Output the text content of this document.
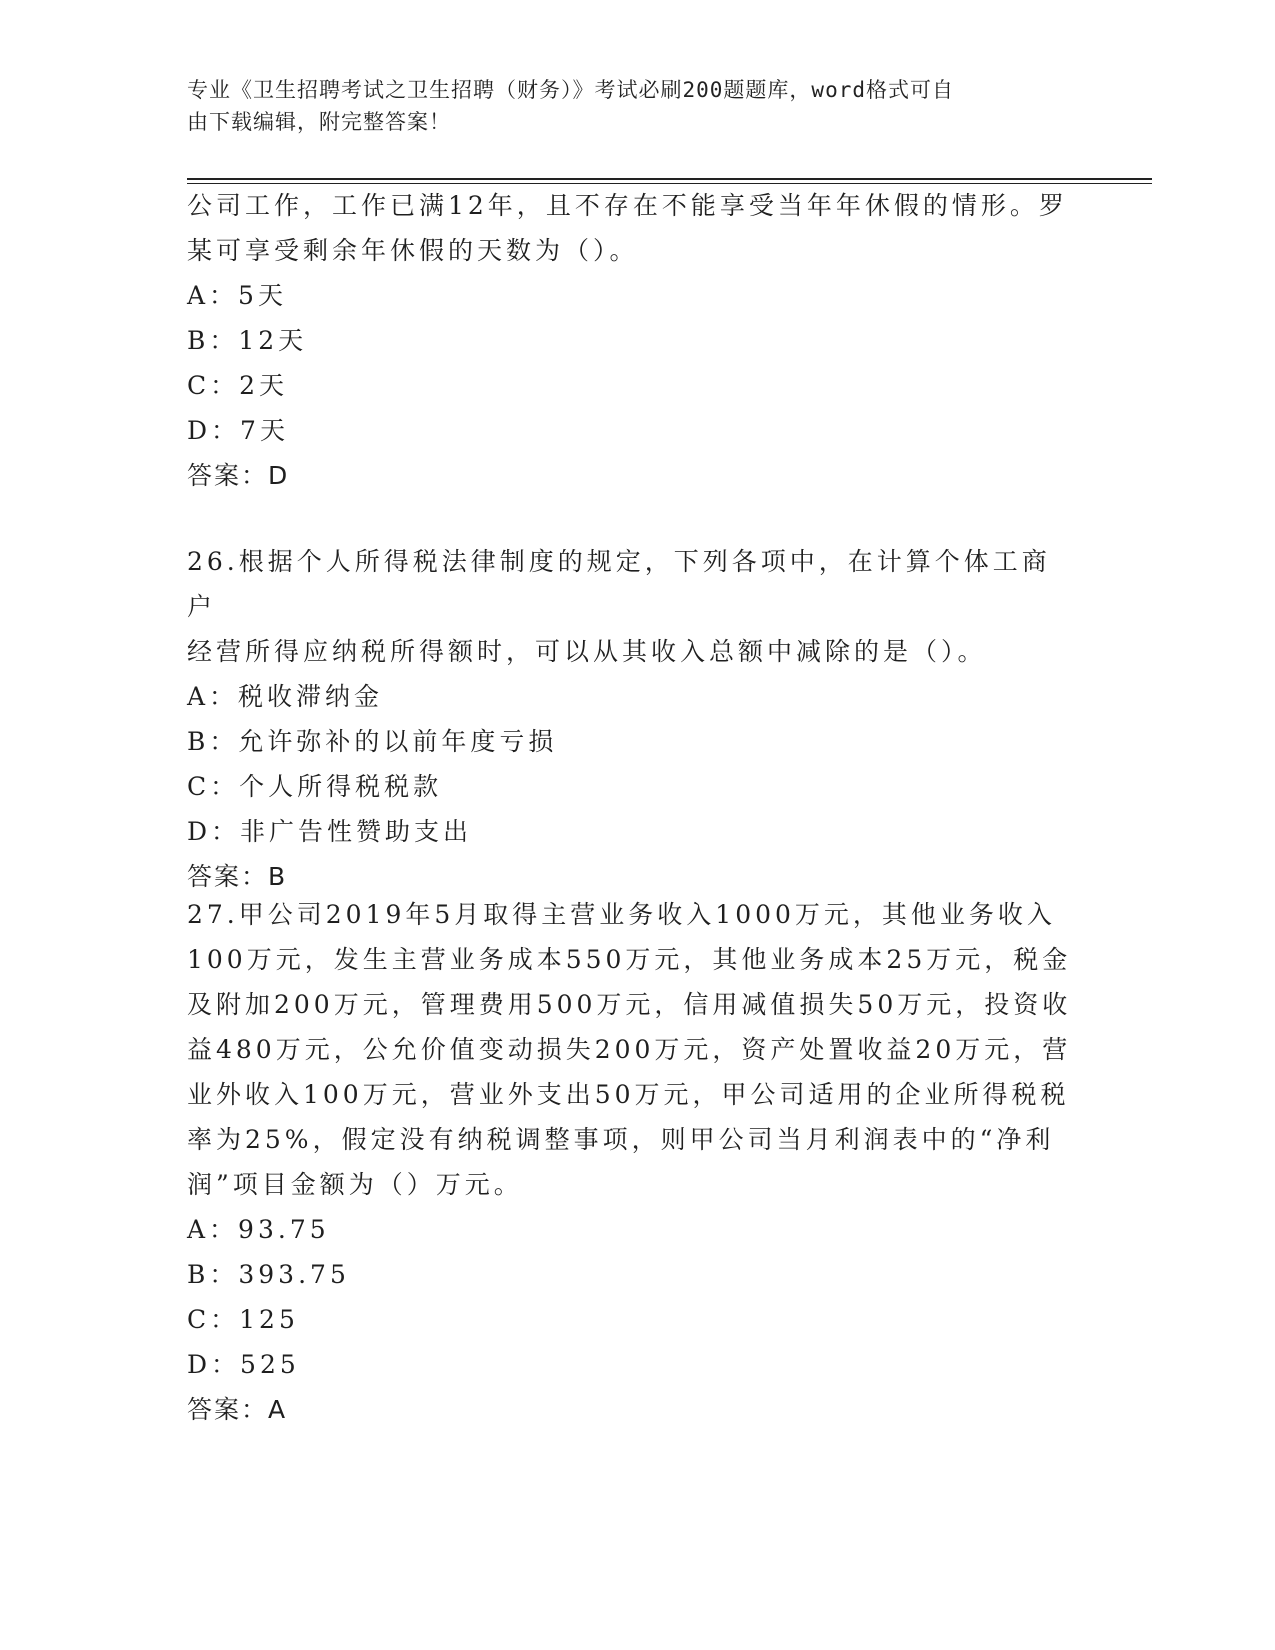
专业《卫生招聘考试之卫生招聘（财务）》考试必刷200题题库，word格式可自
由下载编辑，附完整答案！

公司工作，工作已满12年，且不存在不能享受当年年休假的情形。罗

某可享受剩余年休假的天数为（）。

A：5天

B：12天

C：2天

D：7天

答案：D

26.根据个人所得税法律制度的规定，下列各项中，在计算个体工商户

经营所得应纳税所得额时，可以从其收入总额中减除的是（）。

A：税收滞纳金

B：允许弥补的以前年度亏损

C：个人所得税税款

D：非广告性赞助支出

答案：B

27.甲公司2019年5月取得主营业务收入1000万元，其他业务收入

100万元，发生主营业务成本550万元，其他业务成本25万元，税金

及附加200万元，管理费用500万元，信用减值损失50万元，投资收

益480万元，公允价值变动损失200万元，资产处置收益20万元，营

业外收入100万元，营业外支出50万元，甲公司适用的企业所得税税

率为25%，假定没有纳税调整事项，则甲公司当月利润表中的“净利

润”项目金额为（）万元。

A：93.75

B：393.75

C：125

D：525

答案：A
